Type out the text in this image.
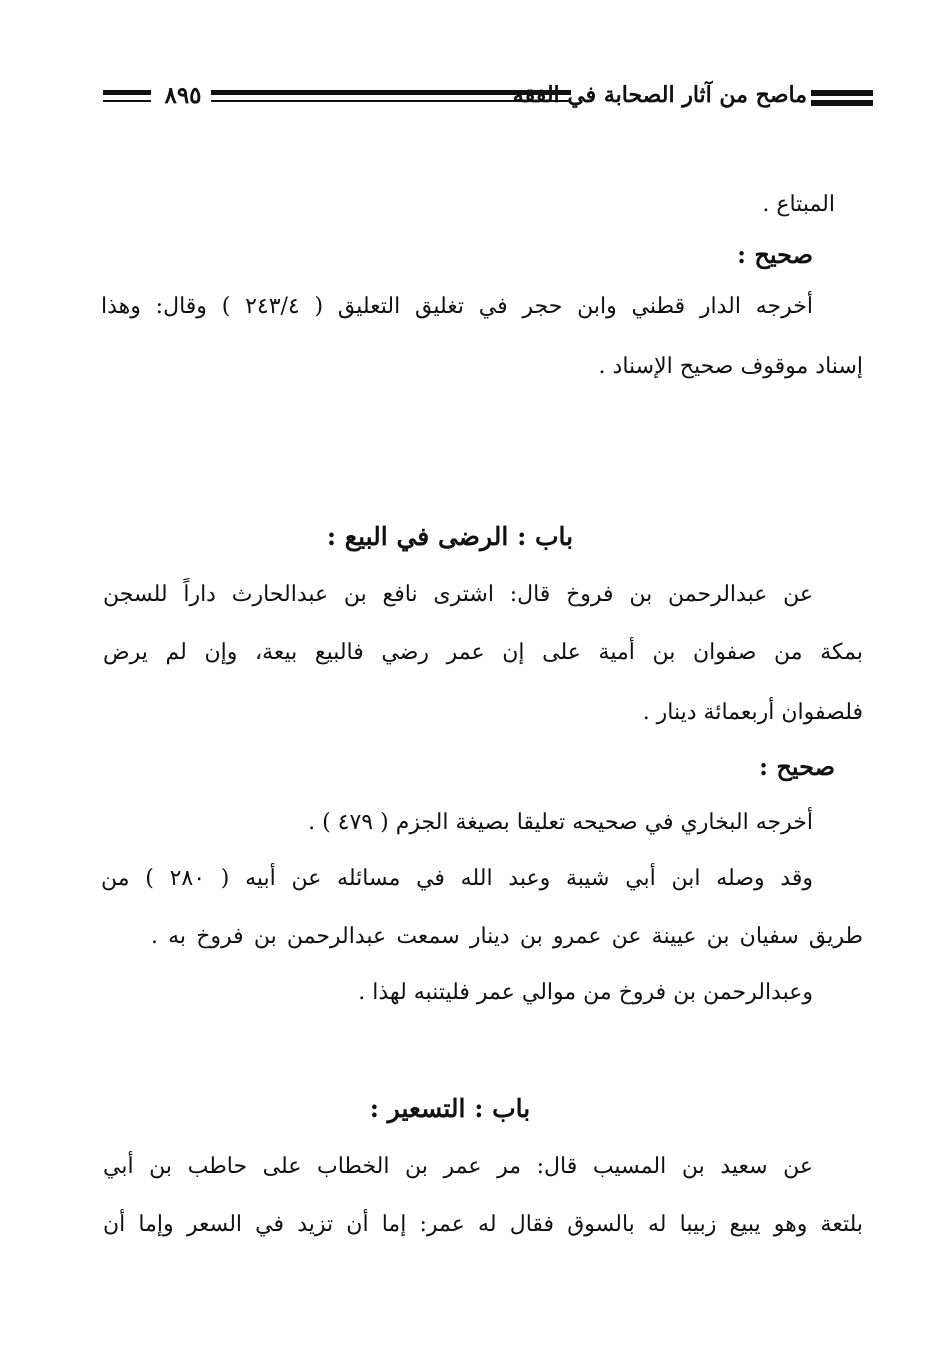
٨٩٥	ماصح من آثار الصحابة في الفقه
المبتاع .
صحيح :
أخرجه الدار قطني وابن حجر في تغليق التعليق ( ٢٤٣/٤ ) وقال: وهذا
إسناد موقوف صحيح الإسناد .
باب : الرضى في البيع :
عن عبدالرحمن بن فروخ قال: اشترى نافع بن عبدالحارث داراً للسجن
بمكة من صفوان بن أمية على إن عمر رضي فالبيع بيعة، وإن لم يرض
فلصفوان أربعمائة دينار .
صحيح :
أخرجه البخاري في صحيحه تعليقا بصيغة الجزم ( ٤٧٩ ) .
وقد وصله ابن أبي شيبة وعبد الله في مسائله عن أبيه ( ٢٨٠ ) من
طريق سفيان بن عيينة عن عمرو بن دينار سمعت عبدالرحمن بن فروخ به .
وعبدالرحمن بن فروخ من موالي عمر فليتنبه لهذا .
باب : التسعير :
عن سعيد بن المسيب قال: مر عمر بن الخطاب على حاطب بن أبي
بلتعة وهو يبيع زبيبا له بالسوق فقال له عمر: إما أن تزيد في السعر وإما أن
